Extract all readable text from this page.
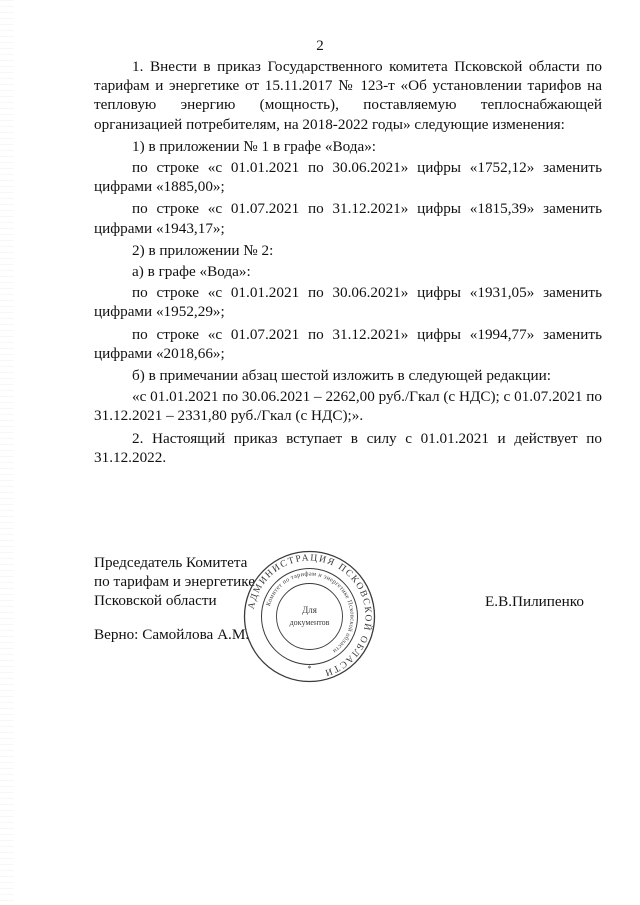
2

1. Внести в приказ Государственного комитета Псковской области по тарифам и энергетике от 15.11.2017 № 123-т «Об установлении тарифов на тепловую энергию (мощность), поставляемую теплоснабжающей организацией потребителям, на 2018-2022 годы» следующие изменения:

1) в приложении № 1 в графе «Вода»:

по строке «с 01.01.2021 по 30.06.2021» цифры «1752,12» заменить цифрами «1885,00»;

по строке «с 01.07.2021 по 31.12.2021» цифры «1815,39» заменить цифрами «1943,17»;

2) в приложении № 2:

а) в графе «Вода»:

по строке «с 01.01.2021 по 30.06.2021» цифры «1931,05» заменить цифрами «1952,29»;

по строке «с 01.07.2021 по 31.12.2021» цифры «1994,77» заменить цифрами «2018,66»;

б) в примечании абзац шестой изложить в следующей редакции:

«с 01.01.2021 по 30.06.2021 – 2262,00 руб./Гкал (с НДС); с 01.07.2021 по 31.12.2021 – 2331,80 руб./Гкал (с НДС);».

2. Настоящий приказ вступает в силу с 01.01.2021 и действует по 31.12.2022.

Председатель Комитета
по тарифам и энергетике
Псковской области	Е.В.Пилипенко
Верно: Самойлова А.М.
АДМИНИСТРАЦИЯ ПСКОВСКОЙ ОБЛАСТИ
Комитет по тарифам и энергетике Псковской области
Для
документов
*
